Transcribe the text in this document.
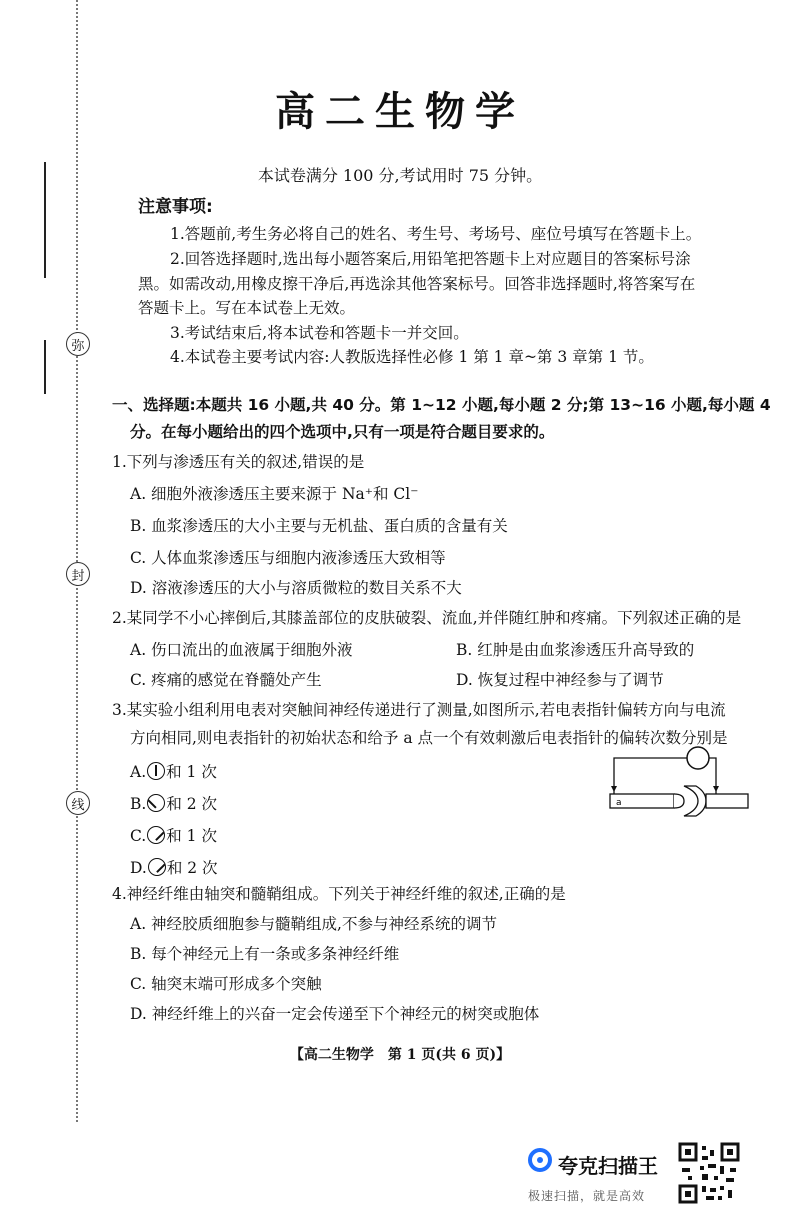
弥
封
线
高二生物学
本试卷满分 100 分,考试用时 75 分钟。
注意事项:
1.答题前,考生务必将自己的姓名、考生号、考场号、座位号填写在答题卡上。
2.回答选择题时,选出每小题答案后,用铅笔把答题卡上对应题目的答案标号涂
黑。如需改动,用橡皮擦干净后,再选涂其他答案标号。回答非选择题时,将答案写在
答题卡上。写在本试卷上无效。
3.考试结束后,将本试卷和答题卡一并交回。
4.本试卷主要考试内容:人教版选择性必修 1 第 1 章~第 3 章第 1 节。
一、选择题:本题共 16 小题,共 40 分。第 1~12 小题,每小题 2 分;第 13~16 小题,每小题 4
分。在每小题给出的四个选项中,只有一项是符合题目要求的。
1.下列与渗透压有关的叙述,错误的是
A. 细胞外液渗透压主要来源于 Na⁺和 Cl⁻
B. 血浆渗透压的大小主要与无机盐、蛋白质的含量有关
C. 人体血浆渗透压与细胞内液渗透压大致相等
D. 溶液渗透压的大小与溶质微粒的数目关系不大
2.某同学不小心摔倒后,其膝盖部位的皮肤破裂、流血,并伴随红肿和疼痛。下列叙述正确的是
A. 伤口流出的血液属于细胞外液	B. 红肿是由血浆渗透压升高导致的
C. 疼痛的感觉在脊髓处产生	D. 恢复过程中神经参与了调节
3.某实验小组利用电表对突触间神经传递进行了测量,如图所示,若电表指针偏转方向与电流
方向相同,则电表指针的初始状态和给予 a 点一个有效刺激后电表指针的偏转次数分别是
A. 和 1 次
B. 和 2 次
C. 和 1 次
D. 和 2 次
a
4.神经纤维由轴突和髓鞘组成。下列关于神经纤维的叙述,正确的是
A. 神经胶质细胞参与髓鞘组成,不参与神经系统的调节
B. 每个神经元上有一条或多条神经纤维
C. 轴突末端可形成多个突触
D. 神经纤维上的兴奋一定会传递至下个神经元的树突或胞体
【高二生物学　第 1 页(共 6 页)】
夸克扫描王
极速扫描，就是高效
